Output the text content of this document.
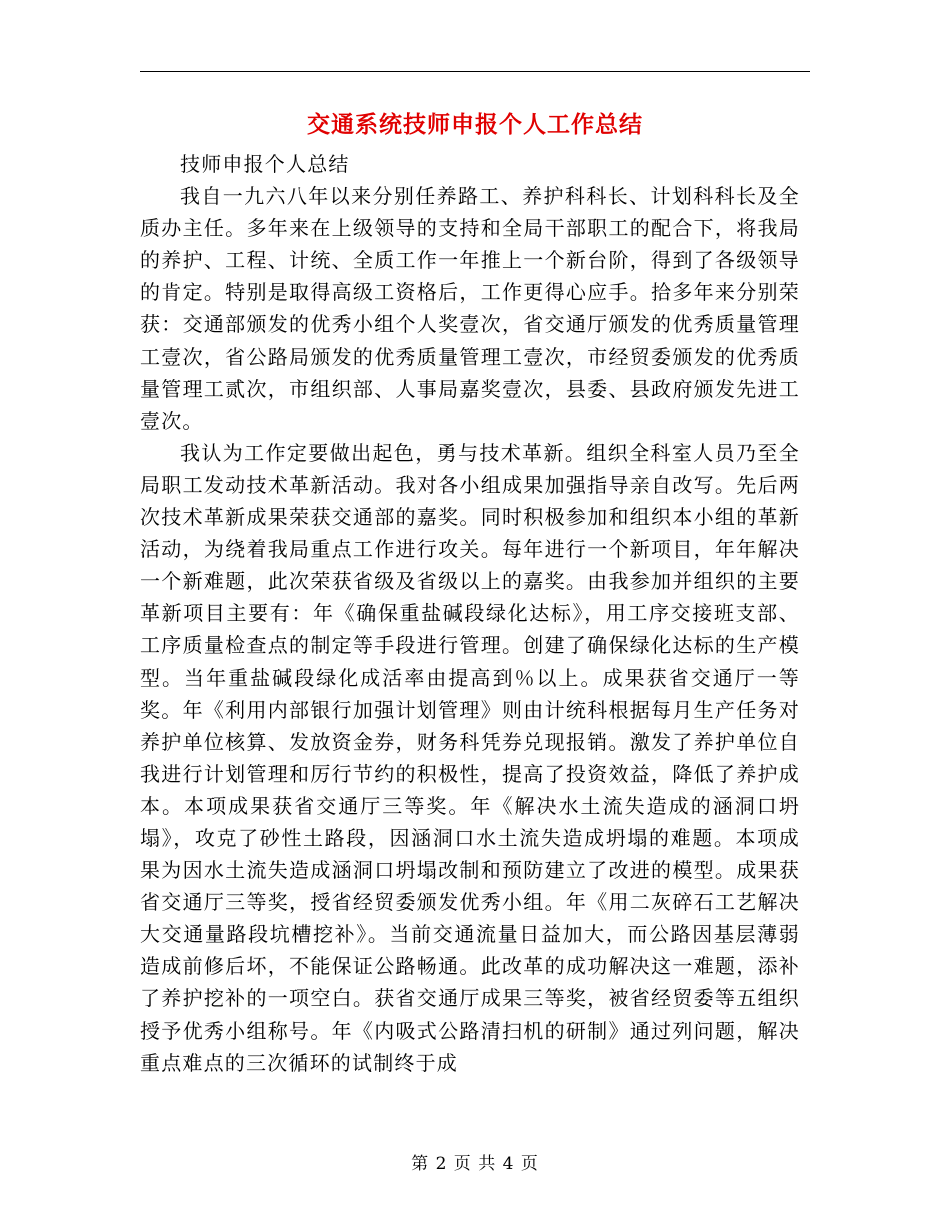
交通系统技师申报个人工作总结

技师申报个人总结

我自一九六八年以来分别任养路工、养护科科长、计划科科长及全质办主任。多年来在上级领导的支持和全局干部职工的配合下，将我局的养护、工程、计统、全质工作一年推上一个新台阶，得到了各级领导的肯定。特别是取得高级工资格后，工作更得心应手。拾多年来分别荣获：交通部颁发的优秀小组个人奖壹次，省交通厅颁发的优秀质量管理工壹次，省公路局颁发的优秀质量管理工壹次，市经贸委颁发的优秀质量管理工贰次，市组织部、人事局嘉奖壹次，县委、县政府颁发先进工壹次。

我认为工作定要做出起色，勇与技术革新。组织全科室人员乃至全局职工发动技术革新活动。我对各小组成果加强指导亲自改写。先后两次技术革新成果荣获交通部的嘉奖。同时积极参加和组织本小组的革新活动，为绕着我局重点工作进行攻关。每年进行一个新项目，年年解决一个新难题，此次荣获省级及省级以上的嘉奖。由我参加并组织的主要革新项目主要有：年《确保重盐碱段绿化达标》，用工序交接班支部、工序质量检查点的制定等手段进行管理。创建了确保绿化达标的生产模型。当年重盐碱段绿化成活率由提高到％以上。成果获省交通厅一等奖。年《利用内部银行加强计划管理》则由计统科根据每月生产任务对养护单位核算、发放资金券，财务科凭券兑现报销。激发了养护单位自我进行计划管理和厉行节约的积极性，提高了投资效益，降低了养护成本。本项成果获省交通厅三等奖。年《解决水土流失造成的涵洞口坍塌》，攻克了砂性土路段，因涵洞口水土流失造成坍塌的难题。本项成果为因水土流失造成涵洞口坍塌改制和预防建立了改进的模型。成果获省交通厅三等奖，授省经贸委颁发优秀小组。年《用二灰碎石工艺解决大交通量路段坑槽挖补》。当前交通流量日益加大，而公路因基层薄弱造成前修后坏，不能保证公路畅通。此改革的成功解决这一难题，添补了养护挖补的一项空白。获省交通厅成果三等奖，被省经贸委等五组织授予优秀小组称号。年《内吸式公路清扫机的研制》通过列问题，解决重点难点的三次循环的试制终于成

第 2 页 共 4 页
